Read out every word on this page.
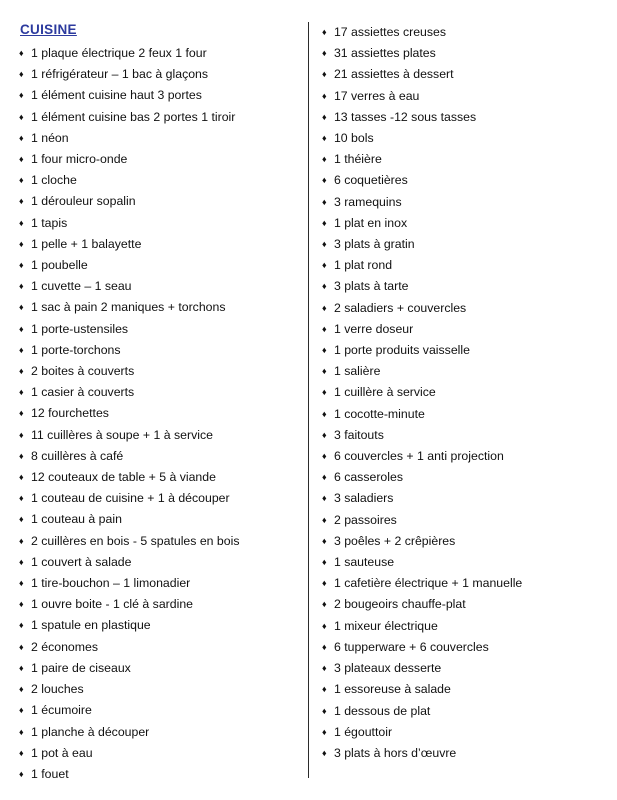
CUISINE
♦ 1 plaque électrique 2 feux 1 four
♦ 1 réfrigérateur – 1 bac à glaçons
♦ 1 élément cuisine haut 3 portes
♦ 1 élément cuisine bas 2 portes 1 tiroir
♦ 1 néon
♦ 1 four micro-onde
♦ 1 cloche
♦ 1 dérouleur sopalin
♦ 1 tapis
♦ 1 pelle + 1 balayette
♦ 1 poubelle
♦ 1 cuvette – 1 seau
♦ 1 sac à pain 2 maniques + torchons
♦ 1 porte-ustensiles
♦ 1 porte-torchons
♦ 2 boites à couverts
♦ 1 casier à couverts
♦ 12 fourchettes
♦ 11 cuillères à soupe + 1 à service
♦ 8 cuillères à café
♦ 12 couteaux de table + 5 à viande
♦ 1 couteau de cuisine + 1 à découper
♦ 1 couteau à pain
♦ 2 cuillères en bois - 5 spatules en bois
♦ 1 couvert à salade
♦ 1 tire-bouchon – 1 limonadier
♦ 1 ouvre boite - 1 clé à sardine
♦ 1 spatule en plastique
♦ 2 économes
♦ 1 paire de ciseaux
♦ 2 louches
♦ 1 écumoire
♦ 1 planche à découper
♦ 1 pot à eau
♦ 1 fouet
♦ 17 assiettes creuses
♦ 31 assiettes plates
♦ 21 assiettes à dessert
♦ 17 verres à eau
♦ 13 tasses -12 sous tasses
♦ 10 bols
♦ 1 théière
♦ 6 coquetières
♦ 3 ramequins
♦ 1 plat en inox
♦ 3 plats à gratin
♦ 1 plat rond
♦ 3 plats à tarte
♦ 2 saladiers + couvercles
♦ 1 verre doseur
♦ 1 porte produits vaisselle
♦ 1 salière
♦ 1 cuillère à service
♦ 1 cocotte-minute
♦ 3 faitouts
♦ 6 couvercles + 1 anti projection
♦ 6 casseroles
♦ 3 saladiers
♦ 2 passoires
♦ 3 poêles + 2 crêpières
♦ 1 sauteuse
♦ 1 cafetière électrique + 1 manuelle
♦ 2 bougeoirs chauffe-plat
♦ 1 mixeur électrique
♦ 6 tupperware + 6 couvercles
♦ 3 plateaux desserte
♦ 1 essoreuse à salade
♦ 1 dessous de plat
♦ 1 égouttoir
♦ 3 plats à hors d’œuvre
